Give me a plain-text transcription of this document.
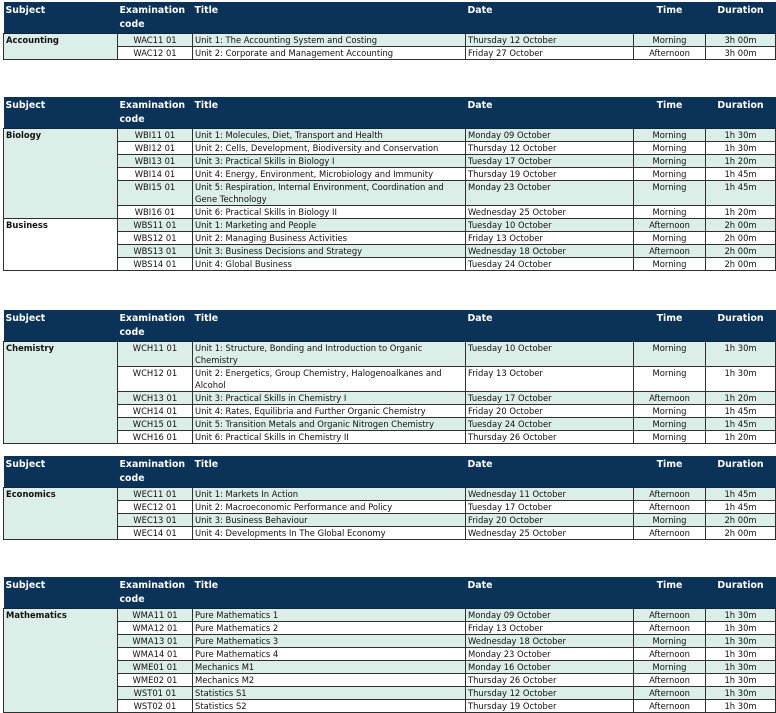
Subject	Examination code	Title	Date	Time	Duration
Accounting	WAC11 01	Unit 1: The Accounting System and Costing	Thursday 12 October	Morning	3h 00m
	WAC12 01	Unit 2: Corporate and Management Accounting	Friday 27 October	Afternoon	3h 00m
Subject	Examination code	Title	Date	Time	Duration
Biology	WBI11 01	Unit 1: Molecules, Diet, Transport and Health	Monday 09 October	Morning	1h 30m
	WBI12 01	Unit 2: Cells, Development, Biodiversity and Conservation	Thursday 12 October	Morning	1h 30m
	WBI13 01	Unit 3: Practical Skills in Biology I	Tuesday 17 October	Morning	1h 20m
	WBI14 01	Unit 4: Energy, Environment, Microbiology and Immunity	Thursday 19 October	Morning	1h 45m
	WBI15 01	Unit 5: Respiration, Internal Environment, Coordination and Gene Technology	Monday 23 October	Morning	1h 45m
	WBI16 01	Unit 6: Practical Skills in Biology II	Wednesday 25 October	Morning	1h 20m
Business	WBS11 01	Unit 1: Marketing and People	Tuesday 10 October	Afternoon	2h 00m
	WBS12 01	Unit 2: Managing Business Activities	Friday 13 October	Morning	2h 00m
	WBS13 01	Unit 3: Business Decisions and Strategy	Wednesday 18 October	Afternoon	2h 00m
	WBS14 01	Unit 4: Global Business	Tuesday 24 October	Morning	2h 00m
Subject	Examination code	Title	Date	Time	Duration
Chemistry	WCH11 01	Unit 1: Structure, Bonding and Introduction to Organic Chemistry	Tuesday 10 October	Morning	1h 30m
	WCH12 01	Unit 2: Energetics, Group Chemistry, Halogenoalkanes and Alcohol	Friday 13 October	Morning	1h 30m
	WCH13 01	Unit 3: Practical Skills in Chemistry I	Tuesday 17 October	Afternoon	1h 20m
	WCH14 01	Unit 4: Rates, Equilibria and Further Organic Chemistry	Friday 20 October	Morning	1h 45m
	WCH15 01	Unit 5: Transition Metals and Organic Nitrogen Chemistry	Tuesday 24 October	Morning	1h 45m
	WCH16 01	Unit 6: Practical Skills in Chemistry II	Thursday 26 October	Morning	1h 20m
Subject	Examination code	Title	Date	Time	Duration
Economics	WEC11 01	Unit 1: Markets In Action	Wednesday 11 October	Afternoon	1h 45m
	WEC12 01	Unit 2: Macroeconomic Performance and Policy	Tuesday 17 October	Afternoon	1h 45m
	WEC13 01	Unit 3: Business Behaviour	Friday 20 October	Morning	2h 00m
	WEC14 01	Unit 4: Developments In The Global Economy	Wednesday 25 October	Afternoon	2h 00m
Subject	Examination code	Title	Date	Time	Duration
Mathematics	WMA11 01	Pure Mathematics 1	Monday 09 October	Afternoon	1h 30m
	WMA12 01	Pure Mathematics 2	Friday 13 October	Afternoon	1h 30m
	WMA13 01	Pure Mathematics 3	Wednesday 18 October	Morning	1h 30m
	WMA14 01	Pure Mathematics 4	Monday 23 October	Afternoon	1h 30m
	WME01 01	Mechanics M1	Monday 16 October	Morning	1h 30m
	WME02 01	Mechanics M2	Thursday 26 October	Afternoon	1h 30m
	WST01 01	Statistics S1	Thursday 12 October	Afternoon	1h 30m
	WST02 01	Statistics S2	Thursday 19 October	Afternoon	1h 30m
